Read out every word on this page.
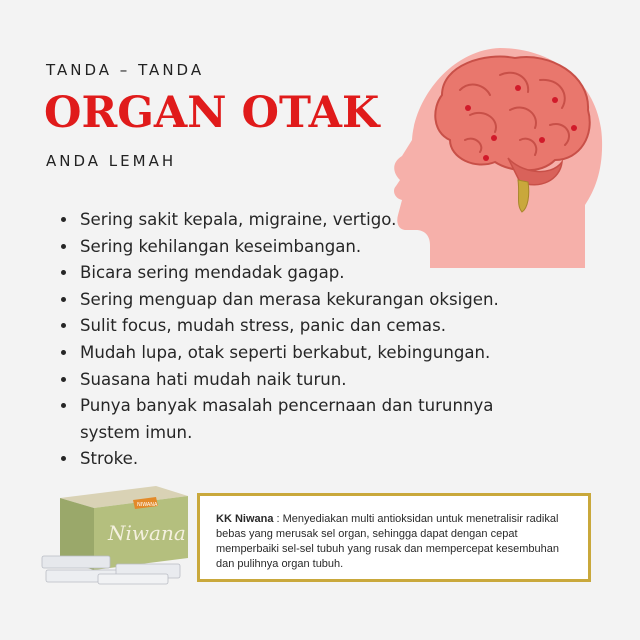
TANDA – TANDA
ORGAN OTAK
ANDA LEMAH
• Sering sakit kepala, migraine, vertigo.
• Sering kehilangan keseimbangan.
• Bicara sering mendadak gagap.
• Sering menguap dan merasa kekurangan oksigen.
• Sulit focus, mudah stress, panic dan cemas.
• Mudah lupa, otak seperti berkabut, kebingungan.
• Suasana hati mudah naik turun.
• Punya banyak masalah pencernaan dan turunnya system imun.
• Stroke.
NIWANA
Niwana
KK Niwana : Menyediakan multi antioksidan untuk menetralisir radikal bebas yang merusak sel organ, sehingga dapat dengan cepat memperbaiki sel-sel tubuh yang rusak dan mempercepat kesembuhan dan pulihnya organ tubuh.
